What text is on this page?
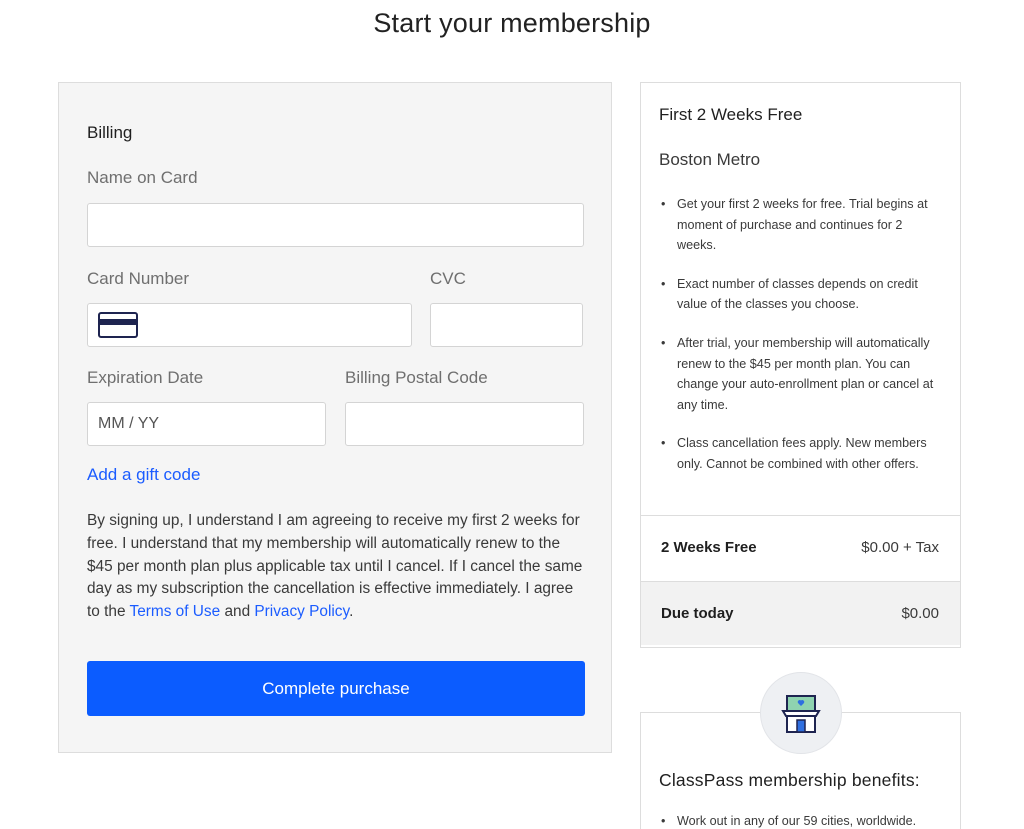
Start your membership
Billing
Name on Card
Card Number	CVC
Expiration Date
MM / YY
Billing Postal Code
Add a gift code

By signing up, I understand I am agreeing to receive my first 2 weeks for free. I understand that my membership will automatically renew to the $45 per month plan plus applicable tax until I cancel. If I cancel the same day as my subscription the cancellation is effective immediately. I agree to the Terms of Use and Privacy Policy.

Complete purchase
First 2 Weeks Free
Boston Metro
• Get your first 2 weeks for free. Trial begins at moment of purchase and continues for 2 weeks.
• Exact number of classes depends on credit value of the classes you choose.
• After trial, your membership will automatically renew to the $45 per month plan. You can change your auto-enrollment plan or cancel at any time.
• Class cancellation fees apply. New members only. Cannot be combined with other offers.
2 Weeks Free	$0.00 + Tax
Due today	$0.00
ClassPass membership benefits:
• Work out in any of our 59 cities, worldwide.
